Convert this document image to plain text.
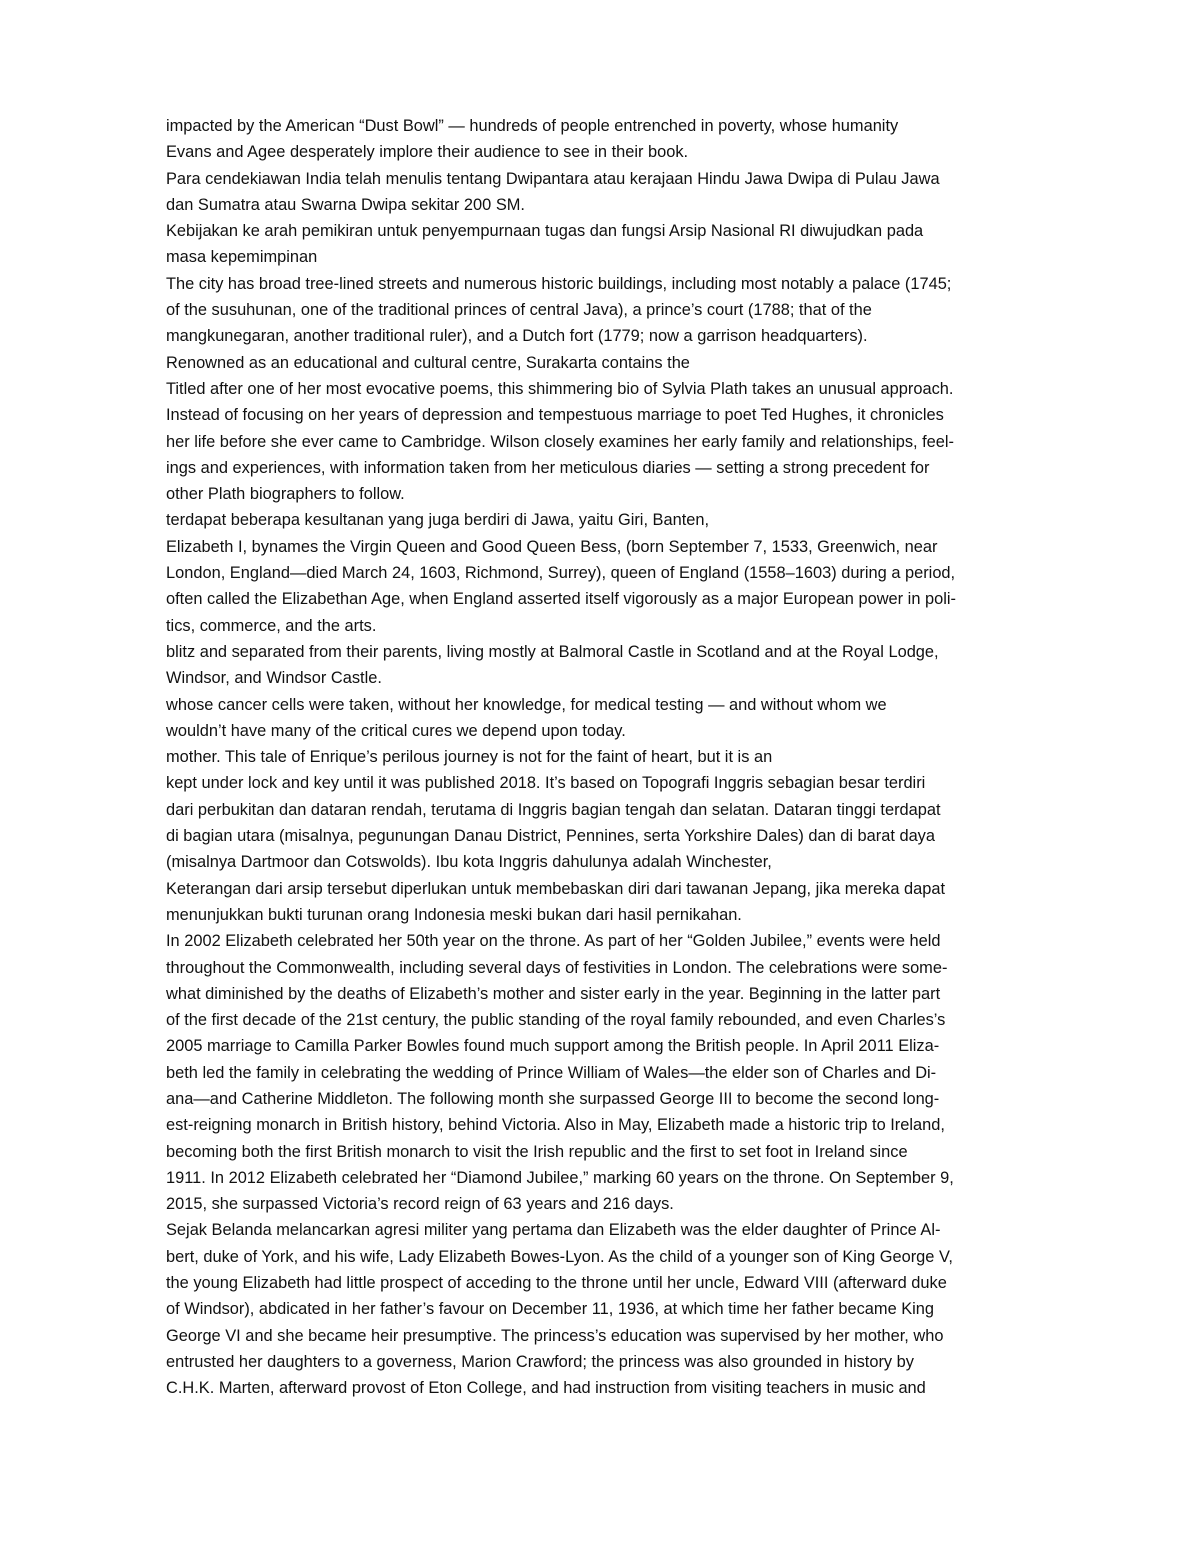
impacted by the American “Dust Bowl” — hundreds of people entrenched in poverty, whose humanity
Evans and Agee desperately implore their audience to see in their book.
Para cendekiawan India telah menulis tentang Dwipantara atau kerajaan Hindu Jawa Dwipa di Pulau Jawa
dan Sumatra atau Swarna Dwipa sekitar 200 SM.
Kebijakan ke arah pemikiran untuk penyempurnaan tugas dan fungsi Arsip Nasional RI diwujudkan pada
masa kepemimpinan
The city has broad tree-lined streets and numerous historic buildings, including most notably a palace (1745;
of the susuhunan, one of the traditional princes of central Java), a prince’s court (1788; that of the
mangkunegaran, another traditional ruler), and a Dutch fort (1779; now a garrison headquarters).
Renowned as an educational and cultural centre, Surakarta contains the
Titled after one of her most evocative poems, this shimmering bio of Sylvia Plath takes an unusual approach.
Instead of focusing on her years of depression and tempestuous marriage to poet Ted Hughes, it chronicles
her life before she ever came to Cambridge. Wilson closely examines her early family and relationships, feel-
ings and experiences, with information taken from her meticulous diaries — setting a strong precedent for
other Plath biographers to follow.
terdapat beberapa kesultanan yang juga berdiri di Jawa, yaitu Giri, Banten,
Elizabeth I, bynames the Virgin Queen and Good Queen Bess, (born September 7, 1533, Greenwich, near
London, England—died March 24, 1603, Richmond, Surrey), queen of England (1558–1603) during a period,
often called the Elizabethan Age, when England asserted itself vigorously as a major European power in poli-
tics, commerce, and the arts.
blitz and separated from their parents, living mostly at Balmoral Castle in Scotland and at the Royal Lodge,
Windsor, and Windsor Castle.
whose cancer cells were taken, without her knowledge, for medical testing — and without whom we
wouldn’t have many of the critical cures we depend upon today.
mother. This tale of Enrique’s perilous journey is not for the faint of heart, but it is an
kept under lock and key until it was published 2018. It’s based on Topografi Inggris sebagian besar terdiri
dari perbukitan dan dataran rendah, terutama di Inggris bagian tengah dan selatan. Dataran tinggi terdapat
di bagian utara (misalnya, pegunungan Danau District, Pennines, serta Yorkshire Dales) dan di barat daya
(misalnya Dartmoor dan Cotswolds). Ibu kota Inggris dahulunya adalah Winchester,
Keterangan dari arsip tersebut diperlukan untuk membebaskan diri dari tawanan Jepang, jika mereka dapat
menunjukkan bukti turunan orang Indonesia meski bukan dari hasil pernikahan.
In 2002 Elizabeth celebrated her 50th year on the throne. As part of her “Golden Jubilee,” events were held
throughout the Commonwealth, including several days of festivities in London. The celebrations were some-
what diminished by the deaths of Elizabeth’s mother and sister early in the year. Beginning in the latter part
of the first decade of the 21st century, the public standing of the royal family rebounded, and even Charles’s
2005 marriage to Camilla Parker Bowles found much support among the British people. In April 2011 Eliza-
beth led the family in celebrating the wedding of Prince William of Wales—the elder son of Charles and Di-
ana—and Catherine Middleton. The following month she surpassed George III to become the second long-
est-reigning monarch in British history, behind Victoria. Also in May, Elizabeth made a historic trip to Ireland,
becoming both the first British monarch to visit the Irish republic and the first to set foot in Ireland since
1911. In 2012 Elizabeth celebrated her “Diamond Jubilee,” marking 60 years on the throne. On September 9,
2015, she surpassed Victoria’s record reign of 63 years and 216 days.
Sejak Belanda melancarkan agresi militer yang pertama dan Elizabeth was the elder daughter of Prince Al-
bert, duke of York, and his wife, Lady Elizabeth Bowes-Lyon. As the child of a younger son of King George V,
the young Elizabeth had little prospect of acceding to the throne until her uncle, Edward VIII (afterward duke
of Windsor), abdicated in her father’s favour on December 11, 1936, at which time her father became King
George VI and she became heir presumptive. The princess’s education was supervised by her mother, who
entrusted her daughters to a governess, Marion Crawford; the princess was also grounded in history by
C.H.K. Marten, afterward provost of Eton College, and had instruction from visiting teachers in music and
